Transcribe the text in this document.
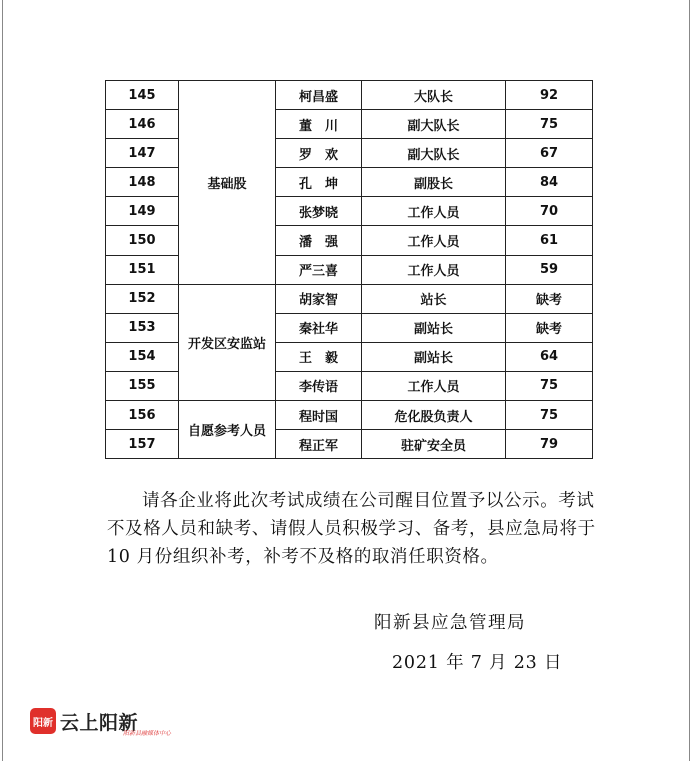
145	基础股	柯昌盛	大队长	92
146		董　川	副大队长	75
147		罗　欢	副大队长	67
148		孔　坤	副股长	84
149		张梦晓	工作人员	70
150		潘　强	工作人员	61
151		严三喜	工作人员	59
152	开发区安监站	胡家智	站长	缺考
153		秦社华	副站长	缺考
154		王　毅	副站长	64
155		李传语	工作人员	75
156	自愿参考人员	程时国	危化股负责人	75
157		程正军	驻矿安全员	79
请各企业将此次考试成绩在公司醒目位置予以公示。考试不及格人员和缺考、请假人员积极学习、备考，县应急局将于 10 月份组织补考，补考不及格的取消任职资格。
阳新县应急管理局
2021 年 7 月 23 日
阳新 云上阳新
阳新县融媒体中心
